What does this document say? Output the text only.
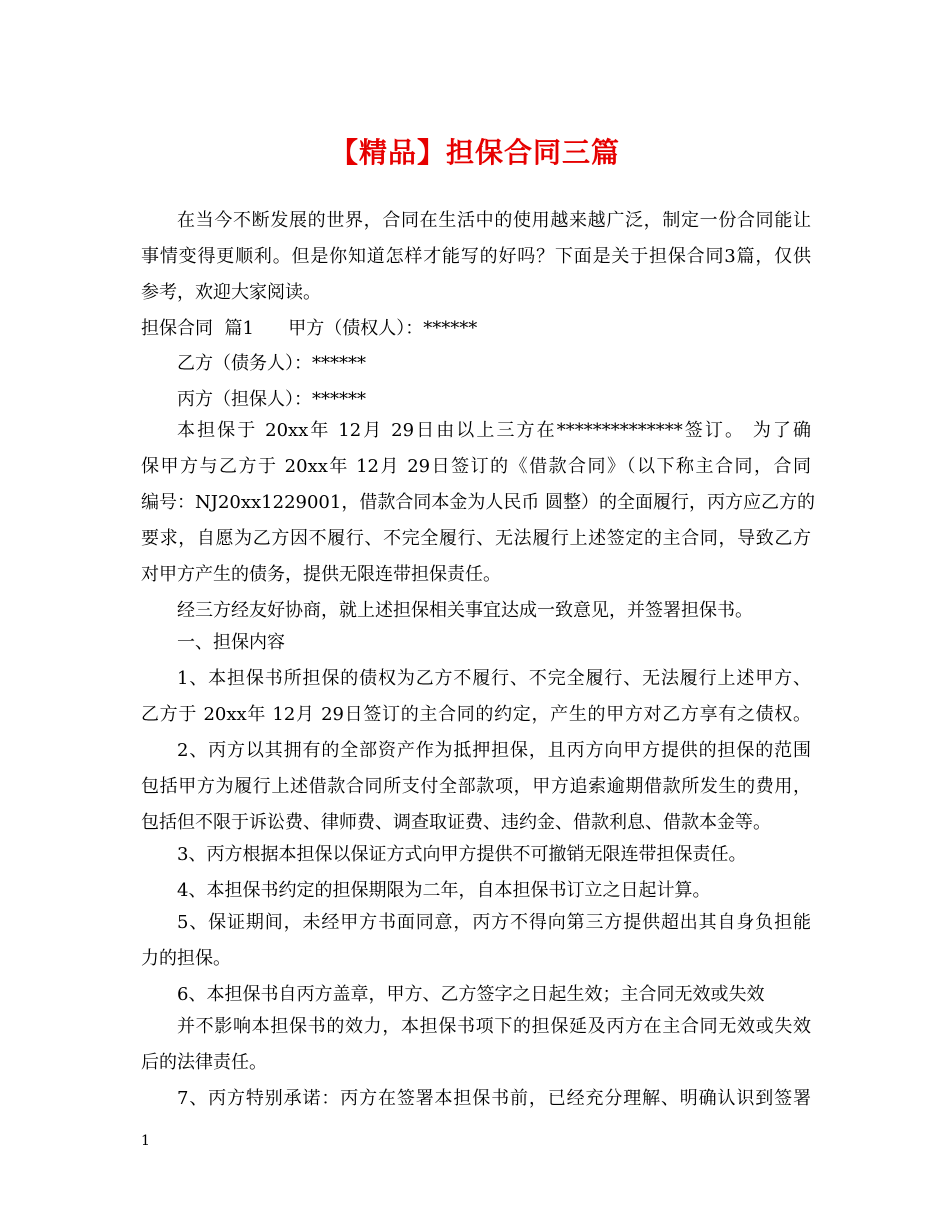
【精品】担保合同三篇
在当今不断发展的世界，合同在生活中的使用越来越广泛，制定一份合同能让
事情变得更顺利。但是你知道怎样才能写的好吗？下面是关于担保合同3篇，仅供
参考，欢迎大家阅读。
担保合同  篇1      甲方（债权人）：******
乙方（债务人）：******
丙方（担保人）：******
本担保于 20xx年 12月 29日由以上三方在**************签订。 为了确
保甲方与乙方于 20xx年 12月 29日签订的《借款合同》（以下称主合同，合同
编号：NJ20xx1229001，借款合同本金为人民币 圆整）的全面履行，丙方应乙方的
要求，自愿为乙方因不履行、不完全履行、无法履行上述签定的主合同，导致乙方
对甲方产生的债务，提供无限连带担保责任。
经三方经友好协商，就上述担保相关事宜达成一致意见，并签署担保书。
一、担保内容
1、本担保书所担保的债权为乙方不履行、不完全履行、无法履行上述甲方、
乙方于 20xx年 12月 29日签订的主合同的约定，产生的甲方对乙方享有之债权。
2、丙方以其拥有的全部资产作为抵押担保，且丙方向甲方提供的担保的范围
包括甲方为履行上述借款合同所支付全部款项，甲方追索逾期借款所发生的费用，
包括但不限于诉讼费、律师费、调查取证费、违约金、借款利息、借款本金等。
3、丙方根据本担保以保证方式向甲方提供不可撤销无限连带担保责任。
4、本担保书约定的担保期限为二年，自本担保书订立之日起计算。
5、保证期间，未经甲方书面同意，丙方不得向第三方提供超出其自身负担能
力的担保。
6、本担保书自丙方盖章，甲方、乙方签字之日起生效；主合同无效或失效
并不影响本担保书的效力，本担保书项下的担保延及丙方在主合同无效或失效
后的法律责任。
7、丙方特别承诺：丙方在签署本担保书前，已经充分理解、明确认识到签署
1
